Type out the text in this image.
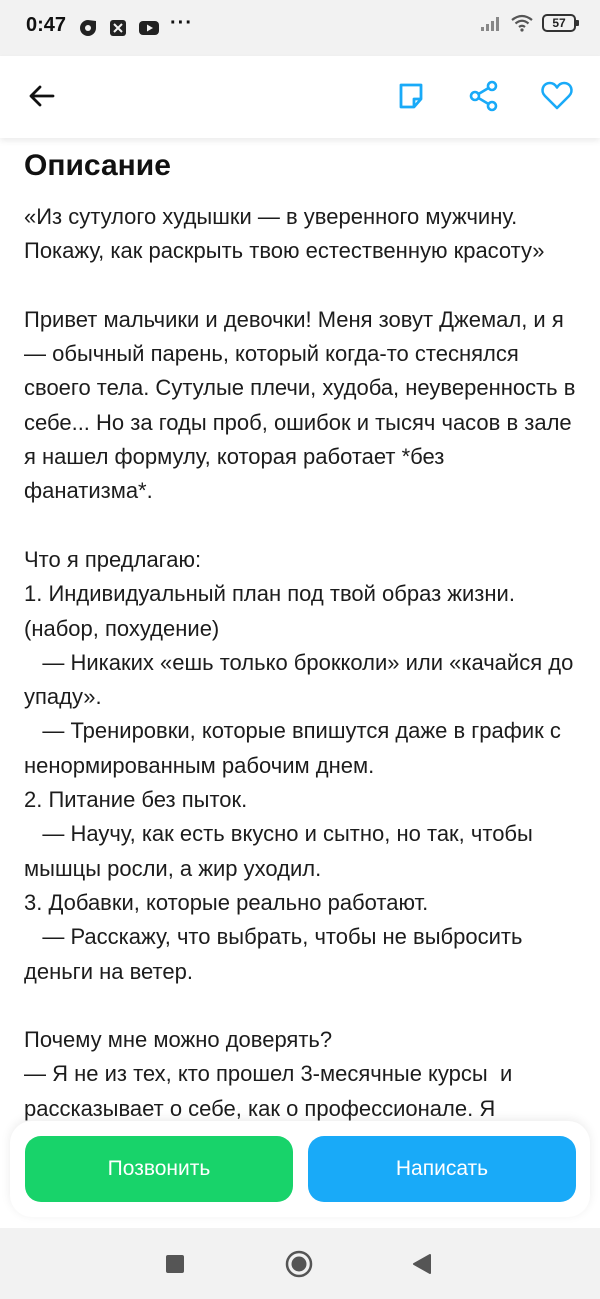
0:47	···	57
Описание
«Из сутулого худышки — в уверенного мужчину. Покажу, как раскрыть твою естественную красоту»

Привет мальчики и девочки! Меня зовут Джемал, и я — обычный парень, который когда-то стеснялся своего тела. Сутулые плечи, худоба, неуверенность в себе... Но за годы проб, ошибок и тысяч часов в зале я нашел формулу, которая работает *без фанатизма*.

Что я предлагаю:
1. Индивидуальный план под твой образ жизни. (набор, похудение)
— Никаких «ешь только брокколи» или «качайся до упаду».
— Тренировки, которые впишутся даже в график с ненормированным рабочим днем.
2. Питание без пыток.
— Научу, как есть вкусно и сытно, но так, чтобы мышцы росли, а жир уходил.
3. Добавки, которые реально работают.
— Расскажу, что выбрать, чтобы не выбросить деньги на ветер.

Почему мне можно доверять?
— Я не из тех, кто прошел 3-месячные курсы  и рассказывает о себе, как о профессионале. Я

Позвонить	Написать
